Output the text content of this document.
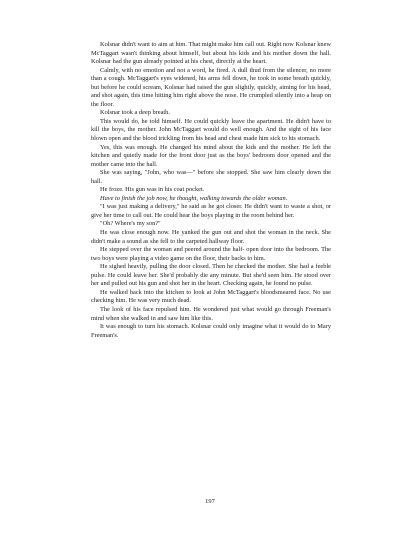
Kolsnar didn't want to aim at him. That might make him call out. Right now Kolsnar knew McTaggart wasn't thinking about himself, but about his kids and his mother down the hall. Kolsnar had the gun already pointed at his chest, directly at the heart.

Calmly, with no emotion and not a word, he fired. A dull thud from the silencer, no more than a cough. McTaggart's eyes widened, his arms fell down, he took in some breath quickly, but before he could scream, Kolsnar had raised the gun slightly, quickly, aiming for his head, and shot again, this time hitting him right above the nose. He crumpled silently into a heap on the floor.

Kolsnar took a deep breath.

This would do, he told himself. He could quickly leave the apartment. He didn't have to kill the boys, the mother. John McTaggart would do well enough. And the sight of his face blown open and the blood trickling from his head and chest made him sick to his stomach.

Yes, this was enough. He changed his mind about the kids and the mother. He left the kitchen and quietly made for the front door just as the boys' bedroom door opened and the mother came into the hall.

She was saying, "John, who was—" before she stopped. She saw him clearly down the hall.

He froze. His gun was in his coat pocket.

Have to finish the job now, he thought, walking towards the older woman.

"I was just making a delivery," he said as he got closer. He didn't want to waste a shot, or give her time to call out. He could hear the boys playing in the room behind her.

"Oh? Where's my son?"

He was close enough now. He yanked the gun out and shot the woman in the neck. She didn't make a sound as she fell to the carpeted hallway floor.

He stepped over the woman and peered around the half- open door into the bedroom. The two boys were playing a video game on the floor, their backs to him.

He sighed heavily, pulling the door closed. Then he checked the mother. She had a feeble pulse. He could leave her. She'd probably die any minute. But she'd seen him. He stood over her and pulled out his gun and shot her in the heart. Checking again, he found no pulse.

He walked back into the kitchen to look at John McTaggart's bloodsmeared face. No use checking him. He was very much dead.

The look of his face repulsed him. He wondered just what would go through Freeman's mind when she walked in and saw him like this.

It was enough to turn his stomach. Kolsnar could only imagine what it would do to Mary Freeman's.

197
